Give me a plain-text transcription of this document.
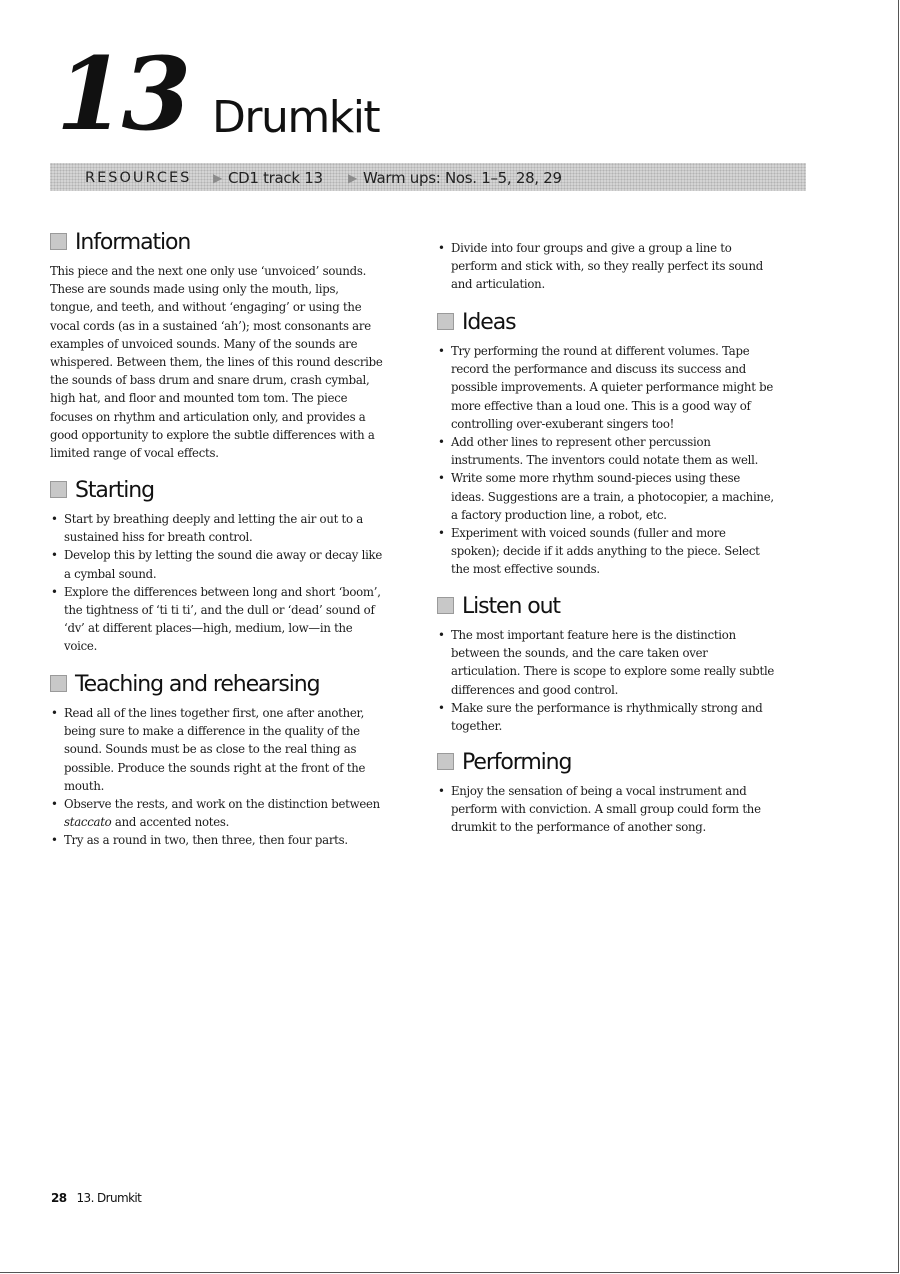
13 Drumkit
RESOURCES ▶ CD1 track 13 ▶ Warm ups: Nos. 1–5, 28, 29
Information
This piece and the next one only use ‘unvoiced’ sounds.
These are sounds made using only the mouth, lips,
tongue, and teeth, and without ‘engaging’ or using the
vocal cords (as in a sustained ‘ah’); most consonants are
examples of unvoiced sounds. Many of the sounds are
whispered. Between them, the lines of this round describe
the sounds of bass drum and snare drum, crash cymbal,
high hat, and floor and mounted tom tom. The piece
focuses on rhythm and articulation only, and provides a
good opportunity to explore the subtle differences with a
limited range of vocal effects.
Starting
• Start by breathing deeply and letting the air out to a
sustained hiss for breath control.
• Develop this by letting the sound die away or decay like
a cymbal sound.
• Explore the differences between long and short ‘boom’,
the tightness of ‘ti ti ti’, and the dull or ‘dead’ sound of
‘dv’ at different places—high, medium, low—in the
voice.
Teaching and rehearsing
• Read all of the lines together first, one after another,
being sure to make a difference in the quality of the
sound. Sounds must be as close to the real thing as
possible. Produce the sounds right at the front of the
mouth.
• Observe the rests, and work on the distinction between
staccato and accented notes.
• Try as a round in two, then three, then four parts.
• Divide into four groups and give a group a line to
perform and stick with, so they really perfect its sound
and articulation.
Ideas
• Try performing the round at different volumes. Tape
record the performance and discuss its success and
possible improvements. A quieter performance might be
more effective than a loud one. This is a good way of
controlling over-exuberant singers too!
• Add other lines to represent other percussion
instruments. The inventors could notate them as well.
• Write some more rhythm sound-pieces using these
ideas. Suggestions are a train, a photocopier, a machine,
a factory production line, a robot, etc.
• Experiment with voiced sounds (fuller and more
spoken); decide if it adds anything to the piece. Select
the most effective sounds.
Listen out
• The most important feature here is the distinction
between the sounds, and the care taken over
articulation. There is scope to explore some really subtle
differences and good control.
• Make sure the performance is rhythmically strong and
together.
Performing
• Enjoy the sensation of being a vocal instrument and
perform with conviction. A small group could form the
drumkit to the performance of another song.
28 13. Drumkit
